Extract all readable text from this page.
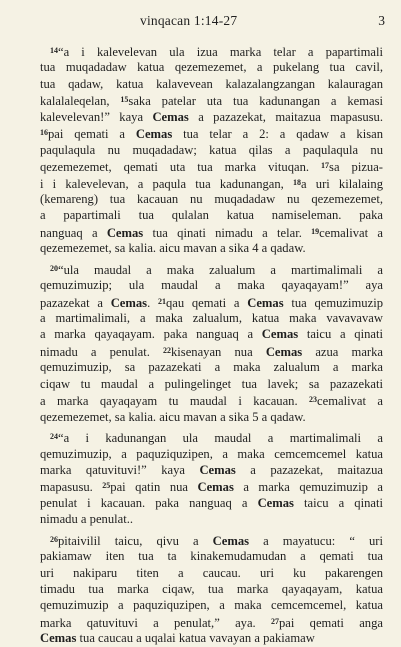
vinqacan 1:14-27	3
$^{14}$“a i kalevelevan ula izua marka telar a papartimali
tua muqadadaw katua qezemezemet, a pukelang tua cavil,
tua qadaw, katua kalavevean kalazalangzangan kalauragan
kalalaleqelan, $^{15}$saka patelar uta tua kadunangan a kemasi
kalevelevan!” kaya Cemas a pazazekat, maitazua mapasusu.
$^{16}$pai qemati a Cemas tua telar a 2: a qadaw a kisan
paqulaqula nu muqadadaw; katua qilas a paqulaqula nu
qezemezemet, qemati uta tua marka vituqan. $^{17}$sa pizua-
i i kalevelevan, a paqula tua kadunangan, $^{18}$a uri kilalaing
(kemareng) tua kacauan nu muqadadaw nu qezemezemet,
a papartimali tua qulalan katua namiseleman. paka
nanguaq a Cemas tua qinati nimadu a telar. $^{19}$cemalivat a
qezemezemet, sa kalia. aicu mavan a sika 4 a qadaw.
$^{20}$“ula maudal a maka zalualum a martimalimali a
qemuzimuzip; ula maudal a maka qayaqayam!” aya
pazazekat a Cemas. $^{21}$qau qemati a Cemas tua qemuzimuzip
a martimalimali, a maka zalualum, katua maka vavavavaw
a marka qayaqayam. paka nanguaq a Cemas taicu a qinati
nimadu a penulat. $^{22}$kisenayan nua Cemas azua marka
qemuzimuzip, sa pazazekati a maka zalualum a marka
ciqaw tu maudal a pulingelinget tua lavek; sa pazazekati
a marka qayaqayam tu maudal i kacauan. $^{23}$cemalivat a
qezemezemet, sa kalia. aicu mavan a sika 5 a qadaw.
$^{24}$“a i kadunangan ula maudal a martimalimali a
qemuzimuzip, a paquziquzipen, a maka cemcemcemel katua
marka qatuvituvi!” kaya Cemas a pazazekat, maitazua
mapasusu. $^{25}$pai qatin nua Cemas a marka qemuzimuzip a
penulat i kacauan. paka nanguaq a Cemas taicu a qinati
nimadu a penulat..
$^{26}$pitaivilil taicu, qivu a Cemas a mayatucu: “ uri
pakiamaw iten tua ta kinakemudamudan a qemati tua
uri nakiparu titen a caucau. uri ku pakarengen
timadu tua marka ciqaw, tua marka qayaqayam, katua
qemuzimuzip a paquziquzipen, a maka cemcemcemel, katua
marka qatuvituvi a penulat,” aya. $^{27}$pai qemati anga
Cemas tua caucau a uqalai katua vavayan a pakiamaw
